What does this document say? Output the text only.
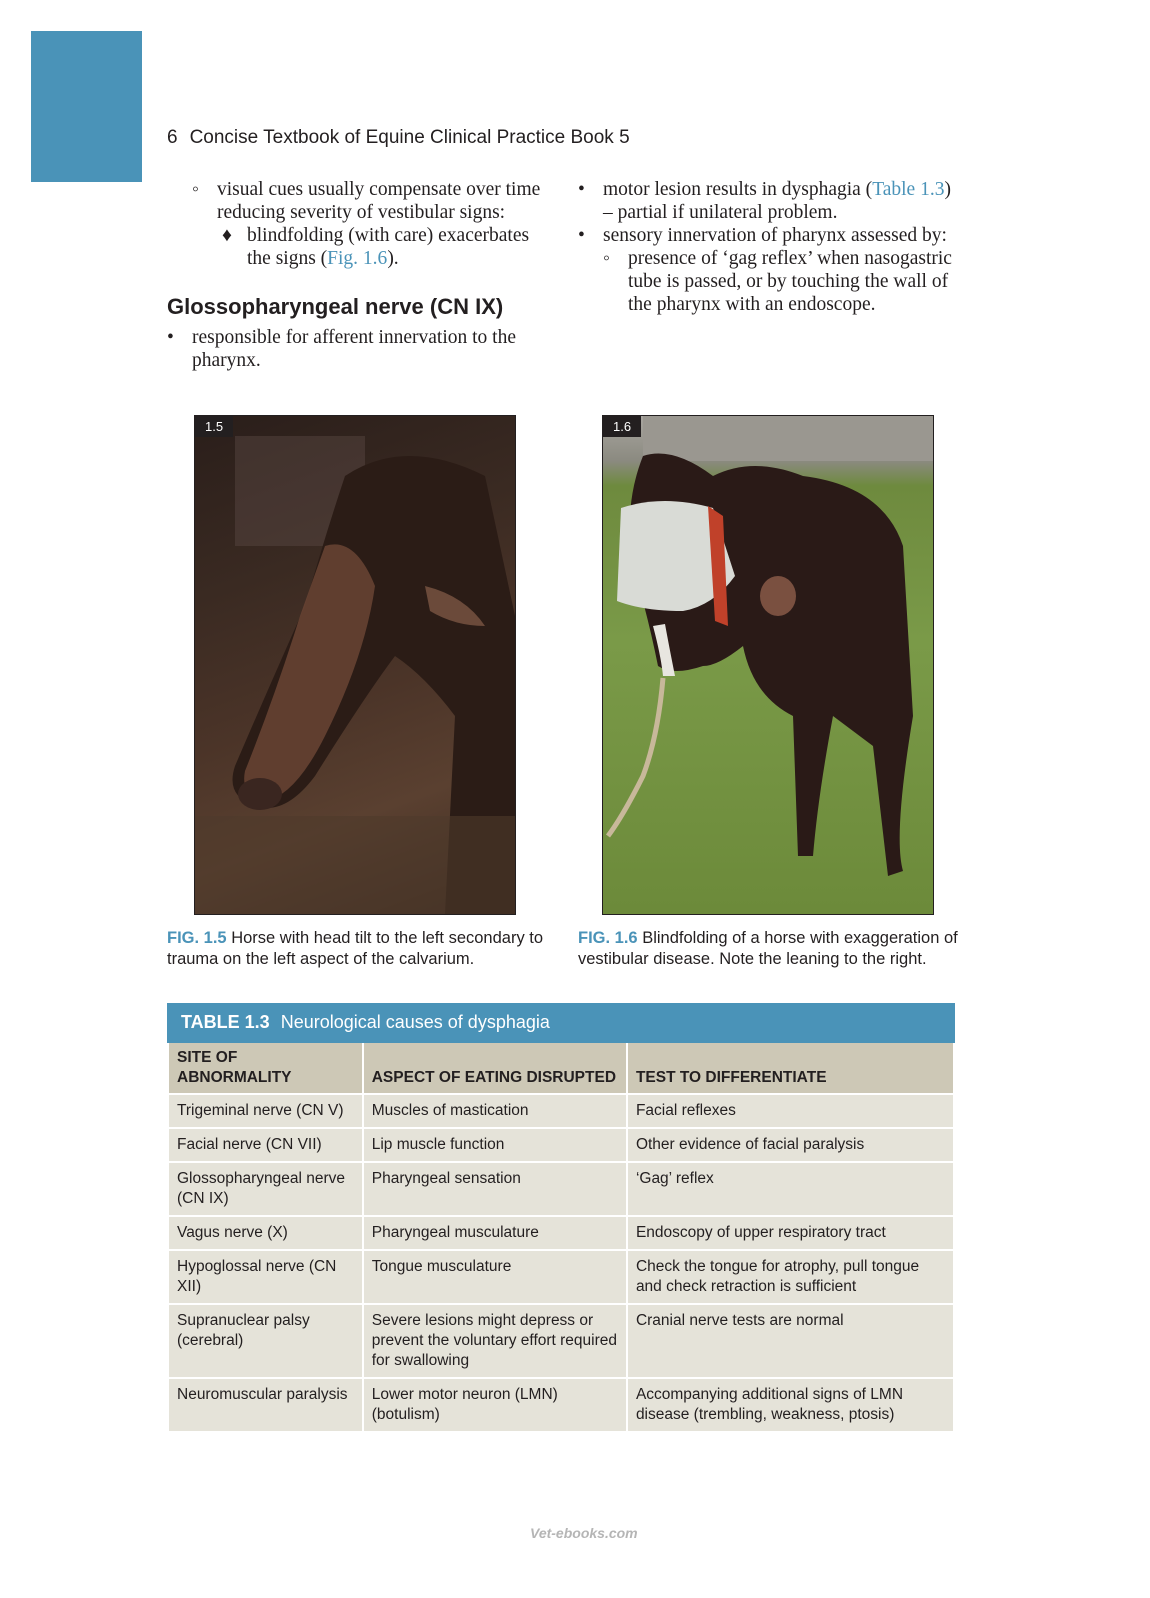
6 Concise Textbook of Equine Clinical Practice Book 5

◦ visual cues usually compensate over time reducing severity of vestibular signs:

♦ blindfolding (with care) exacerbates the signs (Fig. 1.6).

Glossopharyngeal nerve (CN IX)

• responsible for afferent innervation to the pharynx.

• motor lesion results in dysphagia (Table 1.3) – partial if unilateral problem.

• sensory innervation of pharynx assessed by:

◦ presence of ‘gag reflex’ when nasogastric tube is passed, or by touching the wall of the pharynx with an endoscope.

1.5	1.6
FIG. 1.5 Horse with head tilt to the left secondary to trauma on the left aspect of the calvarium.
FIG. 1.6 Blindfolding of a horse with exaggeration of vestibular disease. Note the leaning to the right.
TABLE 1.3 Neurological causes of dysphagia
SITE OF ABNORMALITY	ASPECT OF EATING DISRUPTED	TEST TO DIFFERENTIATE
Trigeminal nerve (CN V)	Muscles of mastication	Facial reflexes
Facial nerve (CN VII)	Lip muscle function	Other evidence of facial paralysis
Glossopharyngeal nerve (CN IX)	Pharyngeal sensation	‘Gag’ reflex
Vagus nerve (X)	Pharyngeal musculature	Endoscopy of upper respiratory tract
Hypoglossal nerve (CN XII)	Tongue musculature	Check the tongue for atrophy, pull tongue and check retraction is sufficient
Supranuclear palsy (cerebral)	Severe lesions might depress or prevent the voluntary effort required for swallowing	Cranial nerve tests are normal
Neuromuscular paralysis	Lower motor neuron (LMN) (botulism)	Accompanying additional signs of LMN disease (trembling, weakness, ptosis)
Vet-ebooks.com
